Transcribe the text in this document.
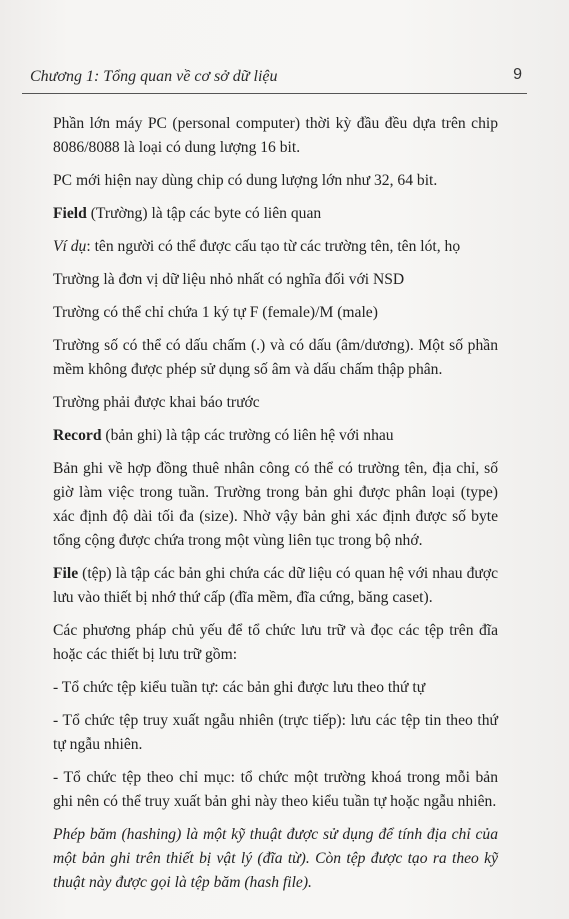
Chương 1: Tổng quan về cơ sở dữ liệu	9

Phần lớn máy PC (personal computer) thời kỳ đầu đều dựa trên chip 8086/8088 là loại có dung lượng 16 bit.

PC mới hiện nay dùng chip có dung lượng lớn như 32, 64 bit.

Field (Trường) là tập các byte có liên quan

Ví dụ: tên người có thể được cấu tạo từ các trường tên, tên lót, họ

Trường là đơn vị dữ liệu nhỏ nhất có nghĩa đối với NSD

Trường có thể chỉ chứa 1 ký tự F (female)/M (male)

Trường số có thể có dấu chấm (.) và có dấu (âm/dương). Một số phần mềm không được phép sử dụng số âm và dấu chấm thập phân.

Trường phải được khai báo trước

Record (bản ghi) là tập các trường có liên hệ với nhau

Bản ghi về hợp đồng thuê nhân công có thể có trường tên, địa chỉ, số giờ làm việc trong tuần. Trường trong bản ghi được phân loại (type) xác định độ dài tối đa (size). Nhờ vậy bản ghi xác định được số byte tổng cộng được chứa trong một vùng liên tục trong bộ nhớ.

File (tệp) là tập các bản ghi chứa các dữ liệu có quan hệ với nhau được lưu vào thiết bị nhớ thứ cấp (đĩa mềm, đĩa cứng, băng caset).

Các phương pháp chủ yếu để tổ chức lưu trữ và đọc các tệp trên đĩa hoặc các thiết bị lưu trữ gồm:

- Tổ chức tệp kiểu tuần tự: các bản ghi được lưu theo thứ tự

- Tổ chức tệp truy xuất ngẫu nhiên (trực tiếp): lưu các tệp tin theo thứ tự ngẫu nhiên.

- Tổ chức tệp theo chỉ mục: tổ chức một trường khoá trong mỗi bản ghi nên có thể truy xuất bản ghi này theo kiểu tuần tự hoặc ngẫu nhiên.

Phép băm (hashing) là một kỹ thuật được sử dụng để tính địa chỉ của một bản ghi trên thiết bị vật lý (đĩa từ). Còn tệp được tạo ra theo kỹ thuật này được gọi là tệp băm (hash file).
